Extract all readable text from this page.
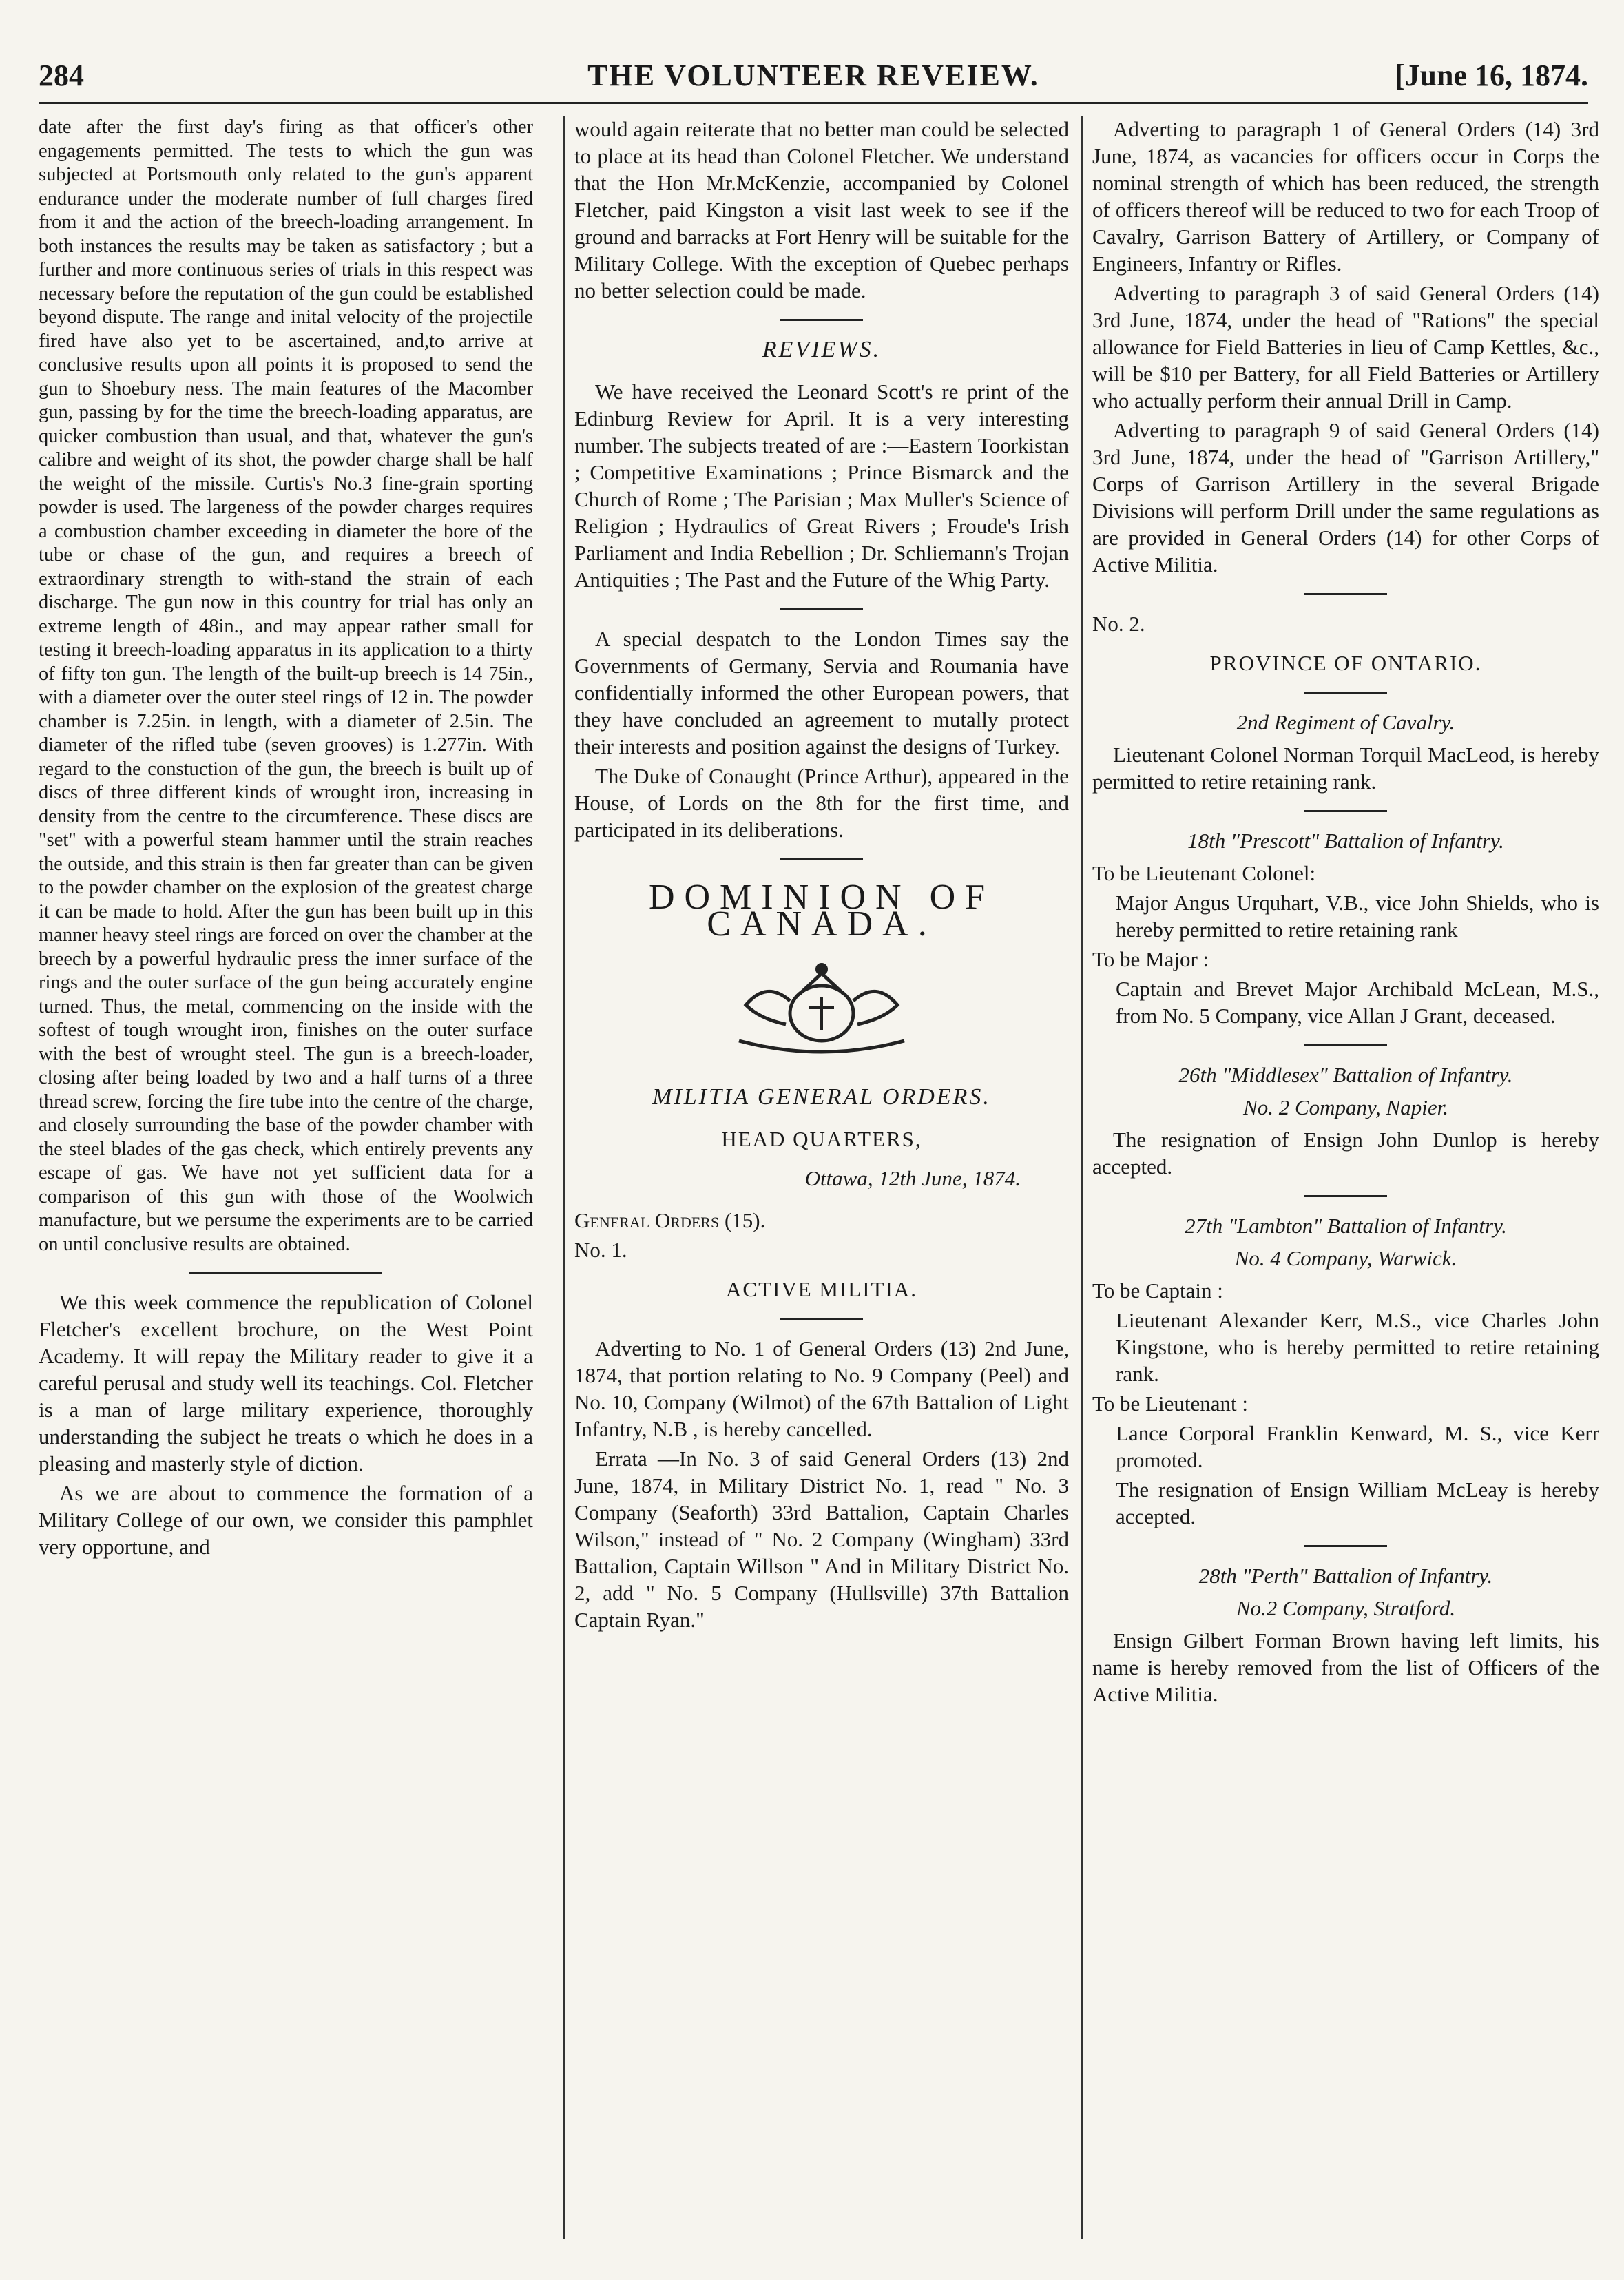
284	THE VOLUNTEER REVEIEW.	[June 16, 1874.

date after the first day's firing as that officer's other engagements permitted. The tests to which the gun was subjected at Portsmouth only related to the gun's apparent endurance under the moderate number of full charges fired from it and the action of the breech-loading arrangement. In both instances the results may be taken as satisfactory ; but a further and more continuous series of trials in this respect was necessary before the reputation of the gun could be established beyond dispute. The range and inital velocity of the projectile fired have also yet to be ascertained, and,to arrive at conclusive results upon all points it is proposed to send the gun to Shoebury ness. The main features of the Macomber gun, passing by for the time the breech-loading apparatus, are quicker combustion than usual, and that, whatever the gun's calibre and weight of its shot, the powder charge shall be half the weight of the missile. Curtis's No.3 fine-grain sporting powder is used. The largeness of the powder charges requires a combustion chamber exceeding in diameter the bore of the tube or chase of the gun, and requires a breech of extraordinary strength to with-stand the strain of each discharge. The gun now in this country for trial has only an extreme length of 48in., and may appear rather small for testing it breech-loading apparatus in its application to a thirty of fifty ton gun. The length of the built-up breech is 14 75in., with a diameter over the outer steel rings of 12 in. The powder chamber is 7.25in. in length, with a diameter of 2.5in. The diameter of the rifled tube (seven grooves) is 1.277in. With regard to the constuction of the gun, the breech is built up of discs of three different kinds of wrought iron, increasing in density from the centre to the circumference. These discs are "set" with a powerful steam hammer until the strain reaches the outside, and this strain is then far greater than can be given to the powder chamber on the explosion of the greatest charge it can be made to hold. After the gun has been built up in this manner heavy steel rings are forced on over the chamber at the breech by a powerful hydraulic press the inner surface of the rings and the outer surface of the gun being accurately engine turned. Thus, the metal, commencing on the inside with the softest of tough wrought iron, finishes on the outer surface with the best of wrought steel. The gun is a breech-loader, closing after being loaded by two and a half turns of a three thread screw, forcing the fire tube into the centre of the charge, and closely surrounding the base of the powder chamber with the steel blades of the gas check, which entirely prevents any escape of gas. We have not yet sufficient data for a comparison of this gun with those of the Woolwich manufacture, but we persume the experiments are to be carried on until conclusive results are obtained.

We this week commence the republication of Colonel Fletcher's excellent brochure, on the West Point Academy. It will repay the Military reader to give it a careful perusal and study well its teachings. Col. Fletcher is a man of large military experience, thoroughly understanding the subject he treats o which he does in a pleasing and masterly style of diction.

As we are about to commence the formation of a Military College of our own, we consider this pamphlet very opportune, and

would again reiterate that no better man could be selected to place at its head than Colonel Fletcher. We understand that the Hon Mr.McKenzie, accompanied by Colonel Fletcher, paid Kingston a visit last week to see if the ground and barracks at Fort Henry will be suitable for the Military College. With the exception of Quebec perhaps no better selection could be made.

REVIEWS.

We have received the Leonard Scott's re print of the Edinburg Review for April. It is a very interesting number. The subjects treated of are :—Eastern Toorkistan ; Competitive Examinations ; Prince Bismarck and the Church of Rome ; The Parisian ; Max Muller's Science of Religion ; Hydraulics of Great Rivers ; Froude's Irish Parliament and India Rebellion ; Dr. Schliemann's Trojan Antiquities ; The Past and the Future of the Whig Party.

A special despatch to the London Times say the Governments of Germany, Servia and Roumania have confidentially informed the other European powers, that they have concluded an agreement to mutally protect their interests and position against the designs of Turkey.

The Duke of Conaught (Prince Arthur), appeared in the House, of Lords on the 8th for the first time, and participated in its deliberations.

DOMINION OF CANADA.
MILITIA GENERAL ORDERS.
HEAD QUARTERS,
Ottawa, 12th June, 1874.

General Orders (15).

No. 1.

ACTIVE MILITIA.

Adverting to No. 1 of General Orders (13) 2nd June, 1874, that portion relating to No. 9 Company (Peel) and No. 10, Company (Wilmot) of the 67th Battalion of Light Infantry, N.B , is hereby cancelled.

Errata —In No. 3 of said General Orders (13) 2nd June, 1874, in Military District No. 1, read " No. 3 Company (Seaforth) 33rd Battalion, Captain Charles Wilson," instead of " No. 2 Company (Wingham) 33rd Battalion, Captain Willson " And in Military District No. 2, add " No. 5 Company (Hullsville) 37th Battalion Captain Ryan."

Adverting to paragraph 1 of General Orders (14) 3rd June, 1874, as vacancies for officers occur in Corps the nominal strength of which has been reduced, the strength of officers thereof will be reduced to two for each Troop of Cavalry, Garrison Battery of Artillery, or Company of Engineers, Infantry or Rifles.

Adverting to paragraph 3 of said General Orders (14) 3rd June, 1874, under the head of "Rations" the special allowance for Field Batteries in lieu of Camp Kettles, &c., will be $10 per Battery, for all Field Batteries or Artillery who actually perform their annual Drill in Camp.

Adverting to paragraph 9 of said General Orders (14) 3rd June, 1874, under the head of "Garrison Artillery," Corps of Garrison Artillery in the several Brigade Divisions will perform Drill under the same regulations as are provided in General Orders (14) for other Corps of Active Militia.

No. 2.

PROVINCE OF ONTARIO.
2nd Regiment of Cavalry.

Lieutenant Colonel Norman Torquil MacLeod, is hereby permitted to retire retaining rank.

18th "Prescott" Battalion of Infantry.

To be Lieutenant Colonel:

Major Angus Urquhart, V.B., vice John Shields, who is hereby permitted to retire retaining rank

To be Major :

Captain and Brevet Major Archibald McLean, M.S., from No. 5 Company, vice Allan J Grant, deceased.

26th "Middlesex" Battalion of Infantry.
No. 2 Company, Napier.

The resignation of Ensign John Dunlop is hereby accepted.

27th "Lambton" Battalion of Infantry.
No. 4 Company, Warwick.

To be Captain :

Lieutenant Alexander Kerr, M.S., vice Charles John Kingstone, who is hereby permitted to retire retaining rank.

To be Lieutenant :

Lance Corporal Franklin Kenward, M. S., vice Kerr promoted.

The resignation of Ensign William McLeay is hereby accepted.

28th "Perth" Battalion of Infantry.
No.2 Company, Stratford.

Ensign Gilbert Forman Brown having left limits, his name is hereby removed from the list of Officers of the Active Militia.
